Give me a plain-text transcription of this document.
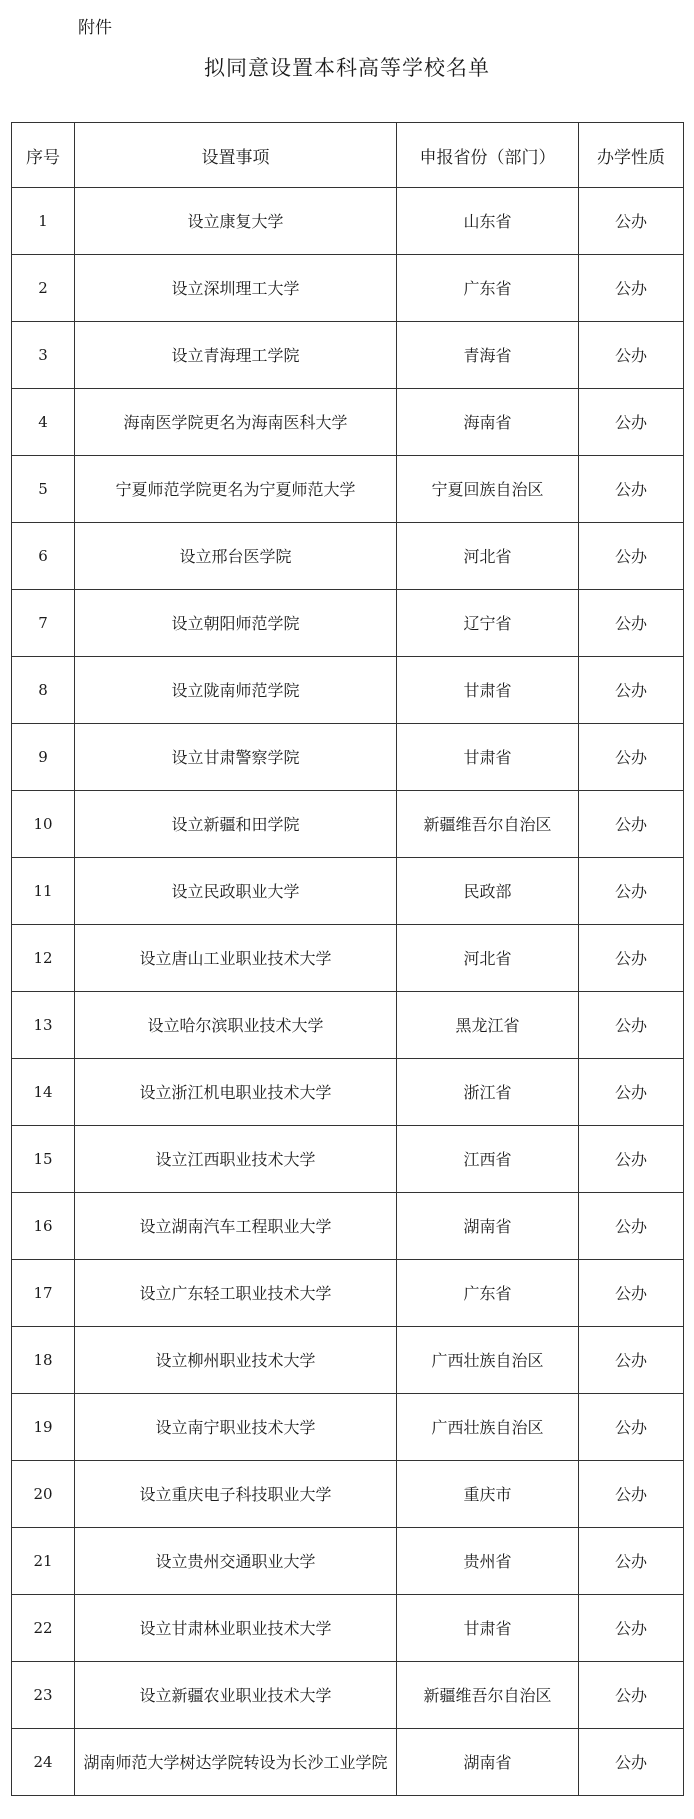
附件
拟同意设置本科高等学校名单
序号	设置事项	申报省份（部门）	办学性质
1	设立康复大学	山东省	公办
2	设立深圳理工大学	广东省	公办
3	设立青海理工学院	青海省	公办
4	海南医学院更名为海南医科大学	海南省	公办
5	宁夏师范学院更名为宁夏师范大学	宁夏回族自治区	公办
6	设立邢台医学院	河北省	公办
7	设立朝阳师范学院	辽宁省	公办
8	设立陇南师范学院	甘肃省	公办
9	设立甘肃警察学院	甘肃省	公办
10	设立新疆和田学院	新疆维吾尔自治区	公办
11	设立民政职业大学	民政部	公办
12	设立唐山工业职业技术大学	河北省	公办
13	设立哈尔滨职业技术大学	黑龙江省	公办
14	设立浙江机电职业技术大学	浙江省	公办
15	设立江西职业技术大学	江西省	公办
16	设立湖南汽车工程职业大学	湖南省	公办
17	设立广东轻工职业技术大学	广东省	公办
18	设立柳州职业技术大学	广西壮族自治区	公办
19	设立南宁职业技术大学	广西壮族自治区	公办
20	设立重庆电子科技职业大学	重庆市	公办
21	设立贵州交通职业大学	贵州省	公办
22	设立甘肃林业职业技术大学	甘肃省	公办
23	设立新疆农业职业技术大学	新疆维吾尔自治区	公办
24	湖南师范大学树达学院转设为长沙工业学院	湖南省	公办
